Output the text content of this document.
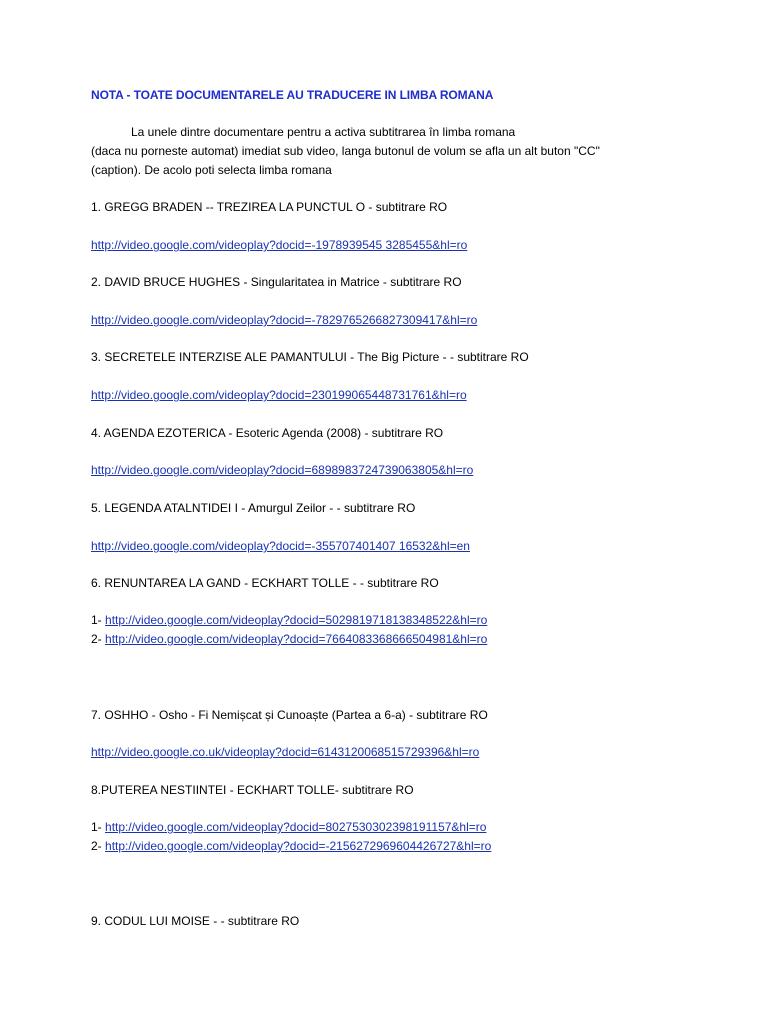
NOTA - TOATE DOCUMENTARELE AU TRADUCERE IN LIMBA ROMANA
La unele dintre documentare pentru a activa subtitrarea în limba romana
(daca nu porneste automat) imediat sub video, langa butonul de volum se afla un alt buton "CC"
(caption). De acolo poti selecta limba romana
1. GREGG BRADEN -- TREZIREA LA PUNCTUL O - subtitrare RO
http://video.google.com/videoplay?docid=-1978939545 3285455&hl=ro
2. DAVID BRUCE HUGHES - Singularitatea in Matrice - subtitrare RO
http://video.google.com/videoplay?docid=-7829765266827309417&hl=ro
3. SECRETELE INTERZISE ALE PAMANTULUI - The Big Picture - - subtitrare RO
http://video.google.com/videoplay?docid=230199065448731761&hl=ro
4. AGENDA EZOTERICA - Esoteric Agenda (2008) - subtitrare RO
http://video.google.com/videoplay?docid=6898983724739063805&hl=ro
5. LEGENDA ATALNTIDEI I - Amurgul Zeilor - - subtitrare RO
http://video.google.com/videoplay?docid=-355707401407 16532&hl=en
6. RENUNTAREA LA GAND - ECKHART TOLLE - - subtitrare RO
1- http://video.google.com/videoplay?docid=5029819718138348522&hl=ro
2- http://video.google.com/videoplay?docid=7664083368666504981&hl=ro
7. OSHHO - Osho - Fi Nemișcat și Cunoaște (Partea a 6-a) - subtitrare RO
http://video.google.co.uk/videoplay?docid=6143120068515729396&hl=ro
8.PUTEREA NESTIINTEI - ECKHART TOLLE- subtitrare RO
1- http://video.google.com/videoplay?docid=8027530302398191157&hl=ro
2- http://video.google.com/videoplay?docid=-2156272969604426727&hl=ro
9. CODUL LUI MOISE - - subtitrare RO
